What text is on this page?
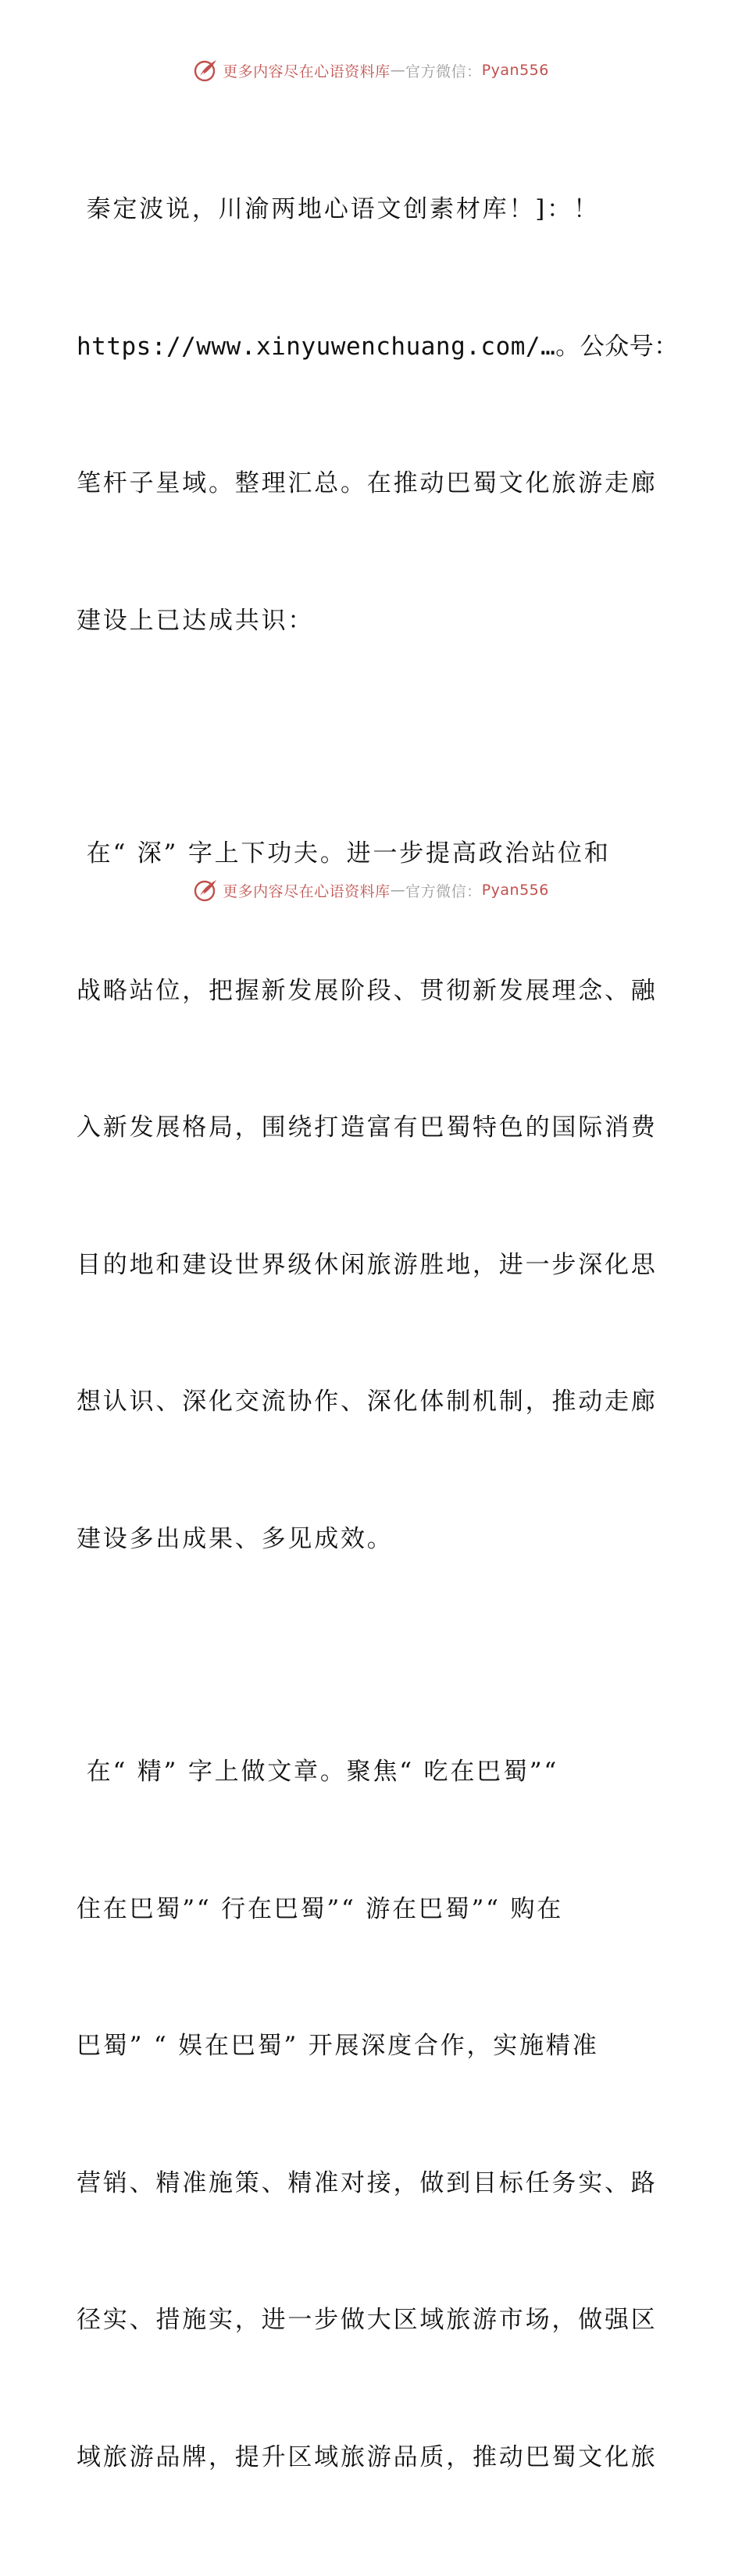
更多内容尽在心语资料库 — 官方微信： Pyan556

秦定波说，川渝两地心语文创素材库！]：！

https://www.xinyuwenchuang.com/…。公众号：

笔杆子星域。整理汇总。在推动巴蜀文化旅游走廊

建设上已达成共识：

在“ 深” 字上下功夫。进一步提高政治站位和

战略站位，把握新发展阶段、贯彻新发展理念、融

入新发展格局，围绕打造富有巴蜀特色的国际消费

目的地和建设世界级休闲旅游胜地，进一步深化思

想认识、深化交流协作、深化体制机制，推动走廊

建设多出成果、多见成效。

在“ 精” 字上做文章。聚焦“ 吃在巴蜀”“

住在巴蜀”“ 行在巴蜀”“ 游在巴蜀”“ 购在

巴蜀” “ 娱在巴蜀” 开展深度合作，实施精准

营销、精准施策、精准对接，做到目标任务实、路

径实、措施实，进一步做大区域旅游市场，做强区

域旅游品牌，提升区域旅游品质，推动巴蜀文化旅

更多内容尽在心语资料库 — 官方微信： Pyan556
